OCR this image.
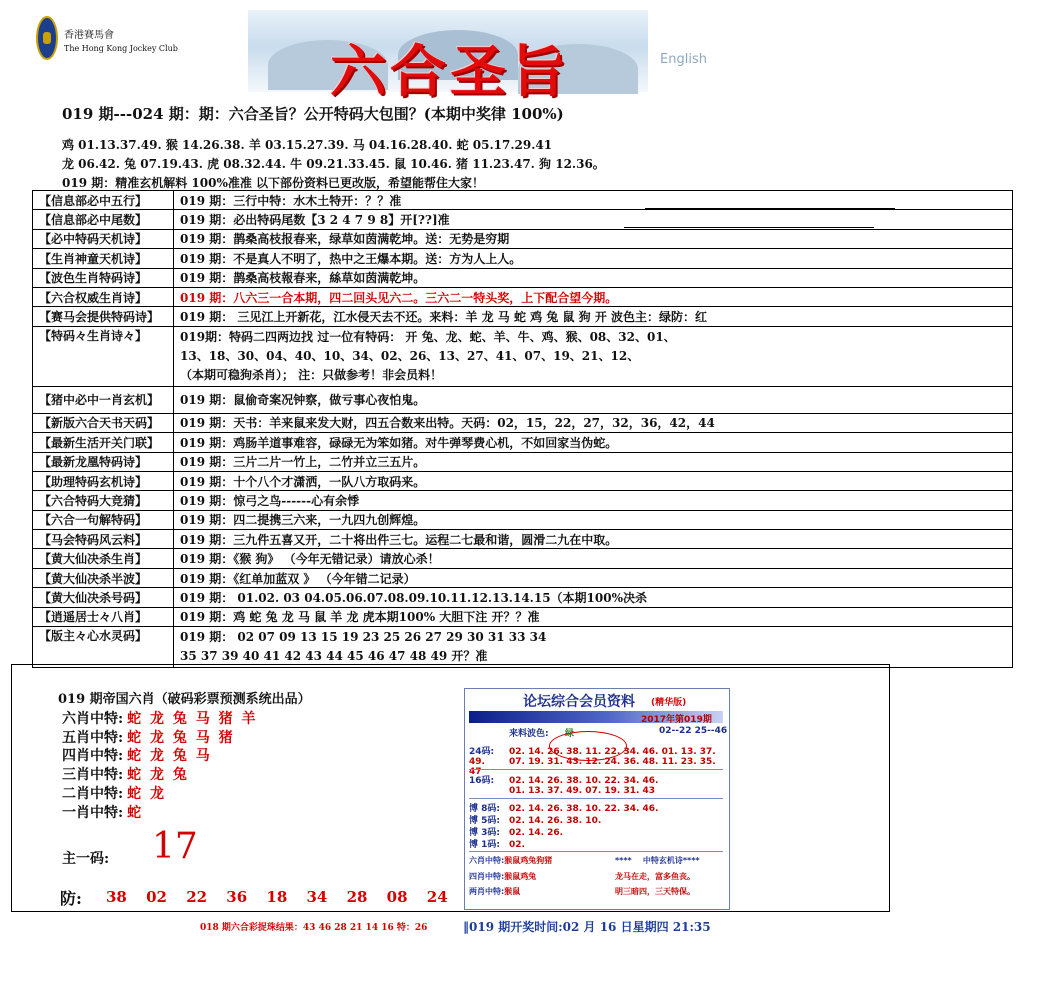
香港賽馬會
The Hong Kong Jockey Club	六合圣旨	English
019 期---024 期：期：六合圣旨？公开特码大包围？(本期中奖律 100%)
鸡 01.13.37.49. 猴 14.26.38. 羊 03.15.27.39. 马 04.16.28.40. 蛇 05.17.29.41
龙 06.42. 兔 07.19.43. 虎 08.32.44. 牛 09.21.33.45. 鼠 10.46. 猪 11.23.47. 狗 12.36。
019 期：精准玄机解料 100%准准 以下部份资料已更改版，希望能帮住大家！
【信息部必中五行】	019 期：三行中特：水木土特开：？？准
【信息部必中尾数】	019 期：必出特码尾数【3 2 4 7 9 8】开[??]准
【必中特码天机诗】	019 期：鹊桑高枝报春来，绿草如茵满乾坤。送：无势是穷期
【生肖神童天机诗】	019 期：不是真人不明了，热中之王爆本期。送：方为人上人。
【波色生肖特码诗】	019 期：鹊桑高枝報春来，絲草如茵满乾坤。
【六合权威生肖诗】	019 期：八六三一合本期，四二回头见六二。三六二一特头奖，上下配合望今期。
【赛马会提供特码诗】	019 期： 三见江上开新花，江水侵天去不还。来料：羊 龙 马 蛇 鸡 兔 鼠 狗 开 波色主：绿防：红
【特码々生肖诗々】	019期：特码二四两边找 过一位有特码： 开 兔、龙、蛇、羊、牛、鸡、猴、08、32、01、
13、18、30、04、40、10、34、02、26、13、27、41、07、19、21、12、
（本期可稳狗杀肖）； 注：只做参考！非会员料！

【猪中必中一肖玄机】	019 期：鼠偷奇案况钟察，做亏事心夜怕鬼。
【新版六合天书天码】	019 期：天书：羊来鼠来发大财，四五合数来出特。天码：02，15，22，27，32，36，42，44
【最新生活开关门联】	019 期：鸡肠羊道事难容，碌碌无为笨如猪。对牛弹琴费心机，不如回家当伪蛇。
【最新龙凰特码诗】	019 期：三片二片一竹上，二竹并立三五片。
【助理特码玄机诗】	019 期：十个八个才潇洒，一队八方取码来。
【六合特码大竞猜】	019 期：惊弓之鸟------心有余悸
【六合一句解特码】	019 期：四二提携三六来，一九四九创辉煌。
【马会特码风云料】	019 期：三九件五喜又开，二十将出件三七。运程二七最和谐，圆滑二九在中取。
【黄大仙决杀生肖】	019 期：《猴 狗》 （今年无错记录）请放心杀！
【黄大仙决杀半波】	019 期：《红单加蓝双 》 （今年错二记录）
【黄大仙决杀号码】	019 期： 01.02. 03 04.05.06.07.08.09.10.11.12.13.14.15（本期100%决杀
【逍遥居士々八肖】	019 期：鸡 蛇 兔 龙 马 鼠 羊 龙 虎本期100% 大胆下注 开？？准
【版主々心水灵码】	019 期： 02 07 09 13 15 19 23 25 26 27 29 30 31 33 34
35 37 39 40 41 42 43 44 45 46 47 48 49 开？准
019 期帝国六肖（破码彩票预测系统出品）
六肖中特: 蛇 龙 兔 马 猪 羊
五肖中特: 蛇 龙 兔 马 猪
四肖中特: 蛇 龙 兔 马
三肖中特: 蛇 龙 兔
二肖中特: 蛇 龙
一肖中特: 蛇
主一码: 17
防: 38 02 22 36 18 34 28 08 24
论坛综合会员资料 (精华版)
2017年第019期
来料波色: 绿	02--22 25--46
24码: 02. 14. 26. 38. 11. 22. 34. 46. 01. 13. 37. 49.	07. 19. 31. 43. 12. 24. 36. 48. 11. 23. 35. 47
16码: 02. 14. 26. 38. 10. 22. 34. 46.
01. 13. 37. 49. 07. 19. 31. 43
博 8码: 02. 14. 26. 38. 10. 22. 34. 46.
博 5码: 02. 14. 26. 38. 10.
博 3码: 02. 14. 26.
博 1码: 02.
六肖中特:猴鼠鸡兔狗猪	**** 中特玄机诗****
四肖中特:猴鼠鸡兔	龙马在走，富多鱼丧。
两肖中特:猴鼠	明三暗四，三天特保。
018 期六合彩捉珠结果：43 46 28 21 14 16 特：26	‖019 期开奖时间:02 月 16 日星期四 21:35
